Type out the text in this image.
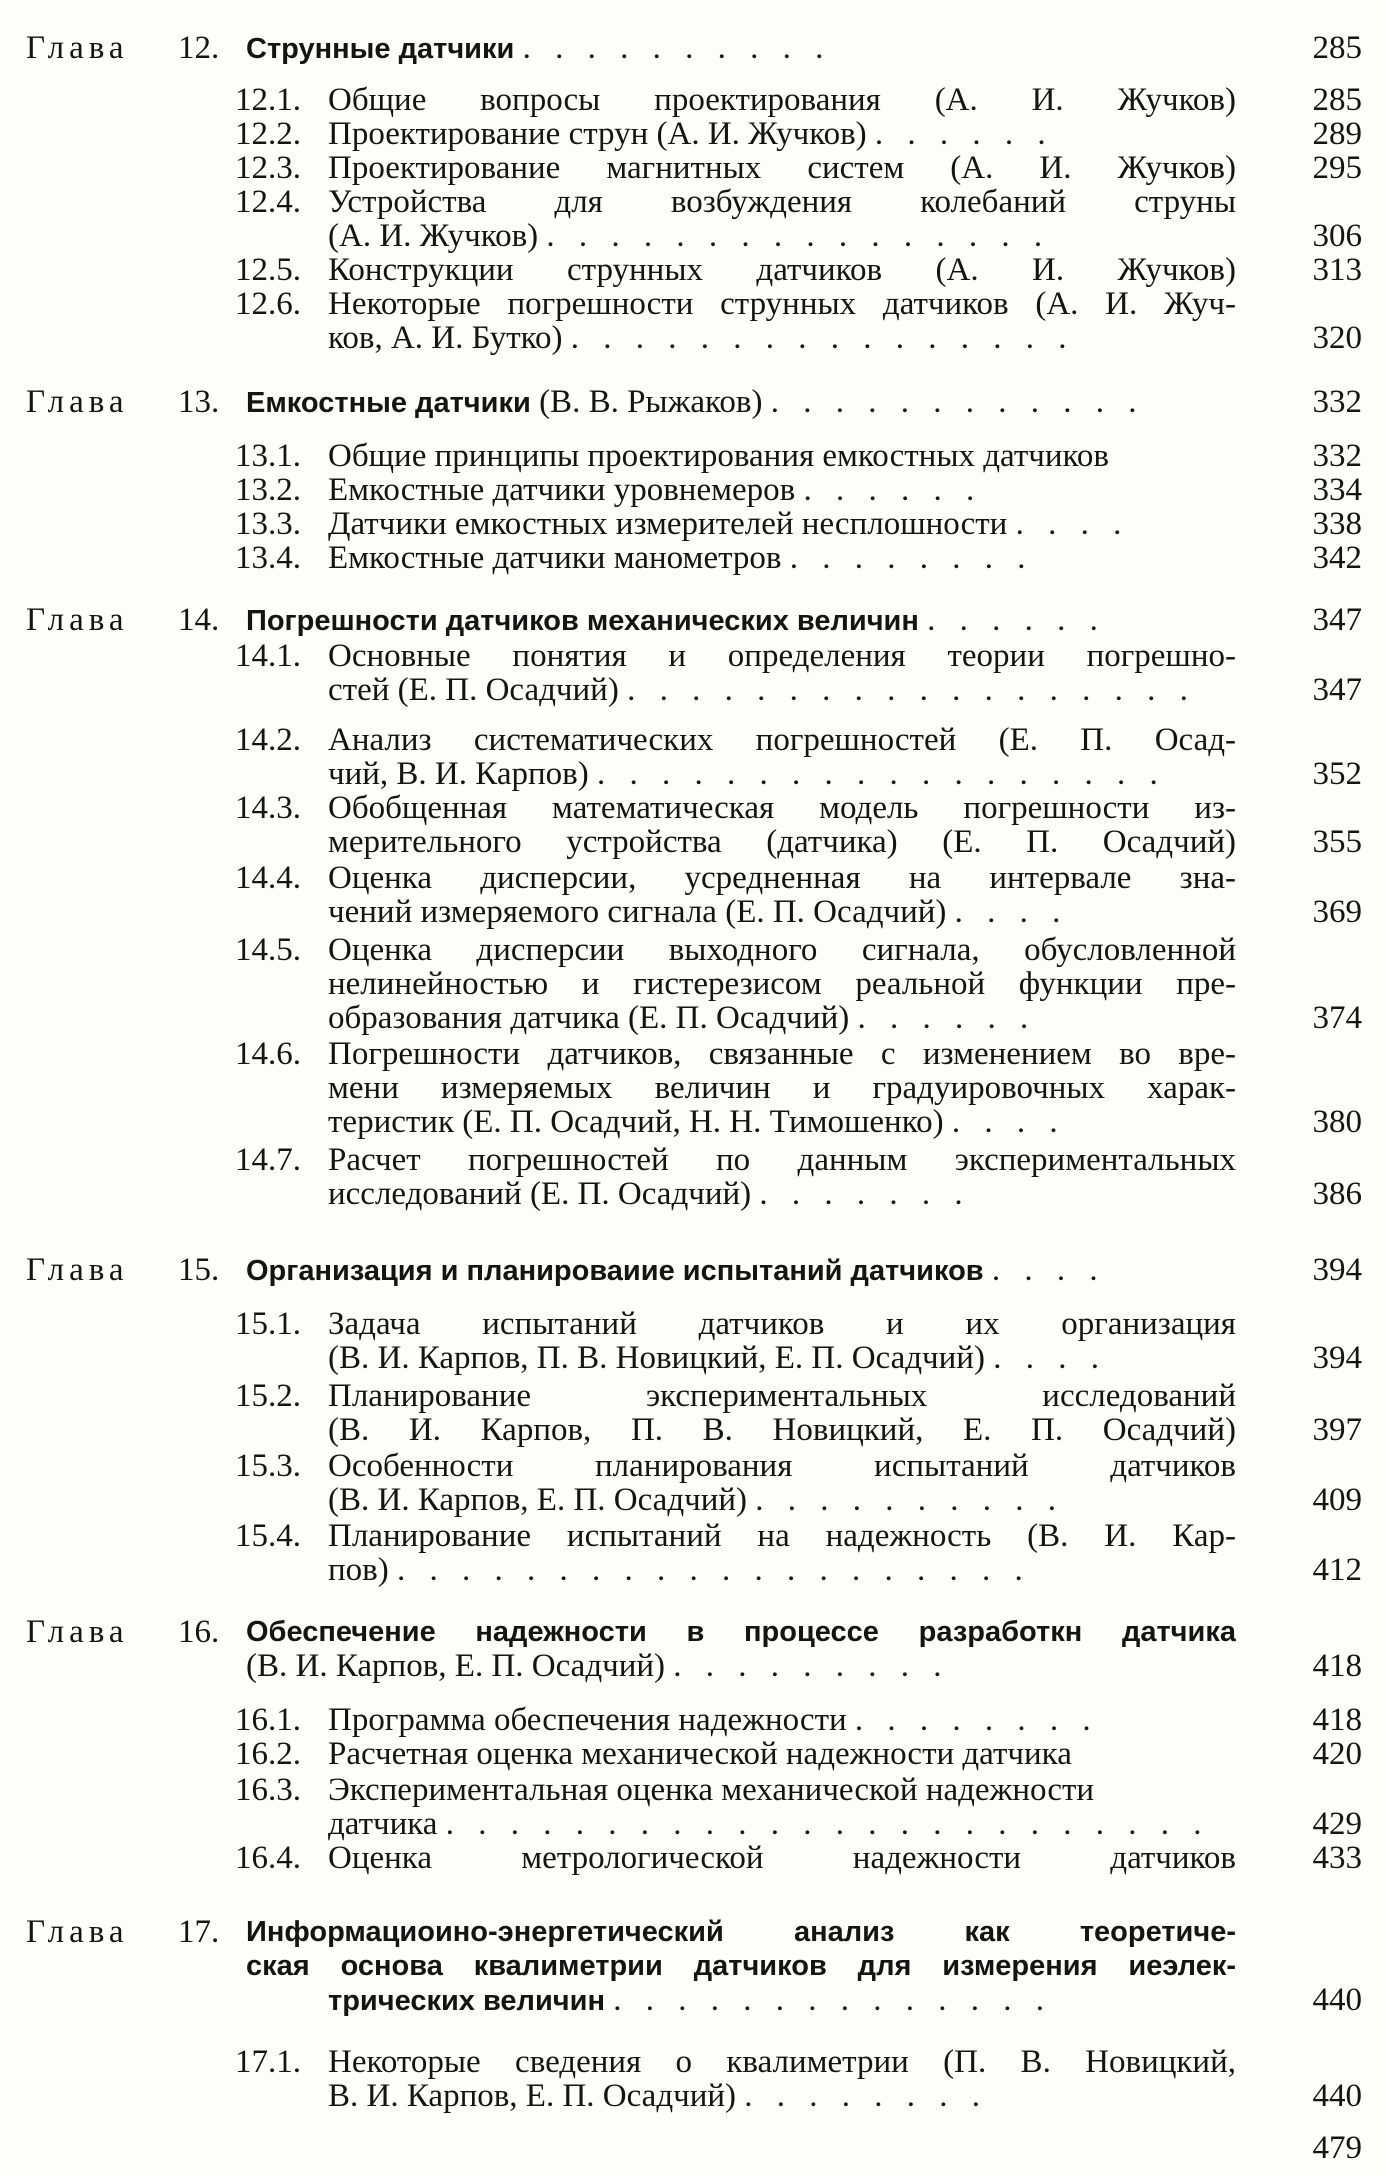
Глава 12. Струнные датчики . . . . . . . . . .	285
12.1. Общие вопросы проектирования (А. И. Жучков)	285
12.2. Проектирование струн (А. И. Жучков) . . . . . .	289
12.3. Проектирование магнитных систем (А. И. Жучков)	295
12.4. Устройства для возбуждения колебаний струны
(А. И. Жучков) . . . . . . . . . . . . . . . .	306
12.5. Конструкции струнных датчиков (А. И. Жучков)	313
12.6. Некоторые погрешности струнных датчиков (А. И. Жуч-
ков, А. И. Бутко) . . . . . . . . . . . . . . . .	320
Глава 13. Емкостные датчики (В. В. Рыжаков) . . . . . . . . . . . .	332
13.1. Общие принципы проектирования емкостных датчиков	332
13.2. Емкостные датчики уровнемеров . . . . . .	334
13.3. Датчики емкостных измерителей несплошности . . . .	338
13.4. Емкостные датчики манометров . . . . . . . .	342
Глава 14. Погрешности датчиков механических величин . . . . . .	347
14.1. Основные понятия и определения теории погрешно-
стей (Е. П. Осадчий) . . . . . . . . . . . . . . . . . .	347
14.2. Анализ систематических погрешностей (Е. П. Осад-
чий, В. И. Карпов) . . . . . . . . . . . . . . . . . .	352
14.3. Обобщенная математическая модель погрешности из-
мерительного устройства (датчика) (Е. П. Осадчий)	355
14.4. Оценка дисперсии, усредненная на интервале зна-
чений измеряемого сигнала (Е. П. Осадчий) . . . .	369
14.5. Оценка дисперсии выходного сигнала, обусловленной
нелинейностью и гистерезисом реальной функции пре-
образования датчика (Е. П. Осадчий) . . . . . .	374
14.6. Погрешности датчиков, связанные с изменением во вре-
мени измеряемых величин и градуировочных харак-
теристик (Е. П. Осадчий, Н. Н. Тимошенко) . . . .	380
14.7. Расчет погрешностей по данным экспериментальных
исследований (Е. П. Осадчий) . . . . . . .	386
Глава 15. Организация и планироваиие испытаний датчиков . . . .	394
15.1. Задача испытаний датчиков и их организация
(В. И. Карпов, П. В. Новицкий, Е. П. Осадчий) . . . .	394
15.2. Планирование экспериментальных исследований
(В. И. Карпов, П. В. Новицкий, Е. П. Осадчий)	397
15.3. Особенности планирования испытаний датчиков
(В. И. Карпов, Е. П. Осадчий) . . . . . . . . . .	409
15.4. Планирование испытаний на надежность (В. И. Кар-
пов) . . . . . . . . . . . . . . . . . . . .	412
Глава 16. Обеспечение надежности в процессе разработкн датчика
(В. И. Карпов, Е. П. Осадчий) . . . . . . . . .	418
16.1. Программа обеспечения надежности . . . . . . . .	418
16.2. Расчетная оценка механической надежности датчика	420
16.3. Экспериментальная оценка механической надежности
датчика . . . . . . . . . . . . . . . . . . . . . . . .	429
16.4. Оценка метрологической надежности датчиков	433
Глава 17. Информациоино-энергетический анализ как теоретиче-
ская основа квалиметрии датчиков для измерения иеэлек-
трических величин . . . . . . . . . . . . . .	440
17.1. Некоторые сведения о квалиметрии (П. В. Новицкий,
В. И. Карпов, Е. П. Осадчий) . . . . . . . .	440
479
